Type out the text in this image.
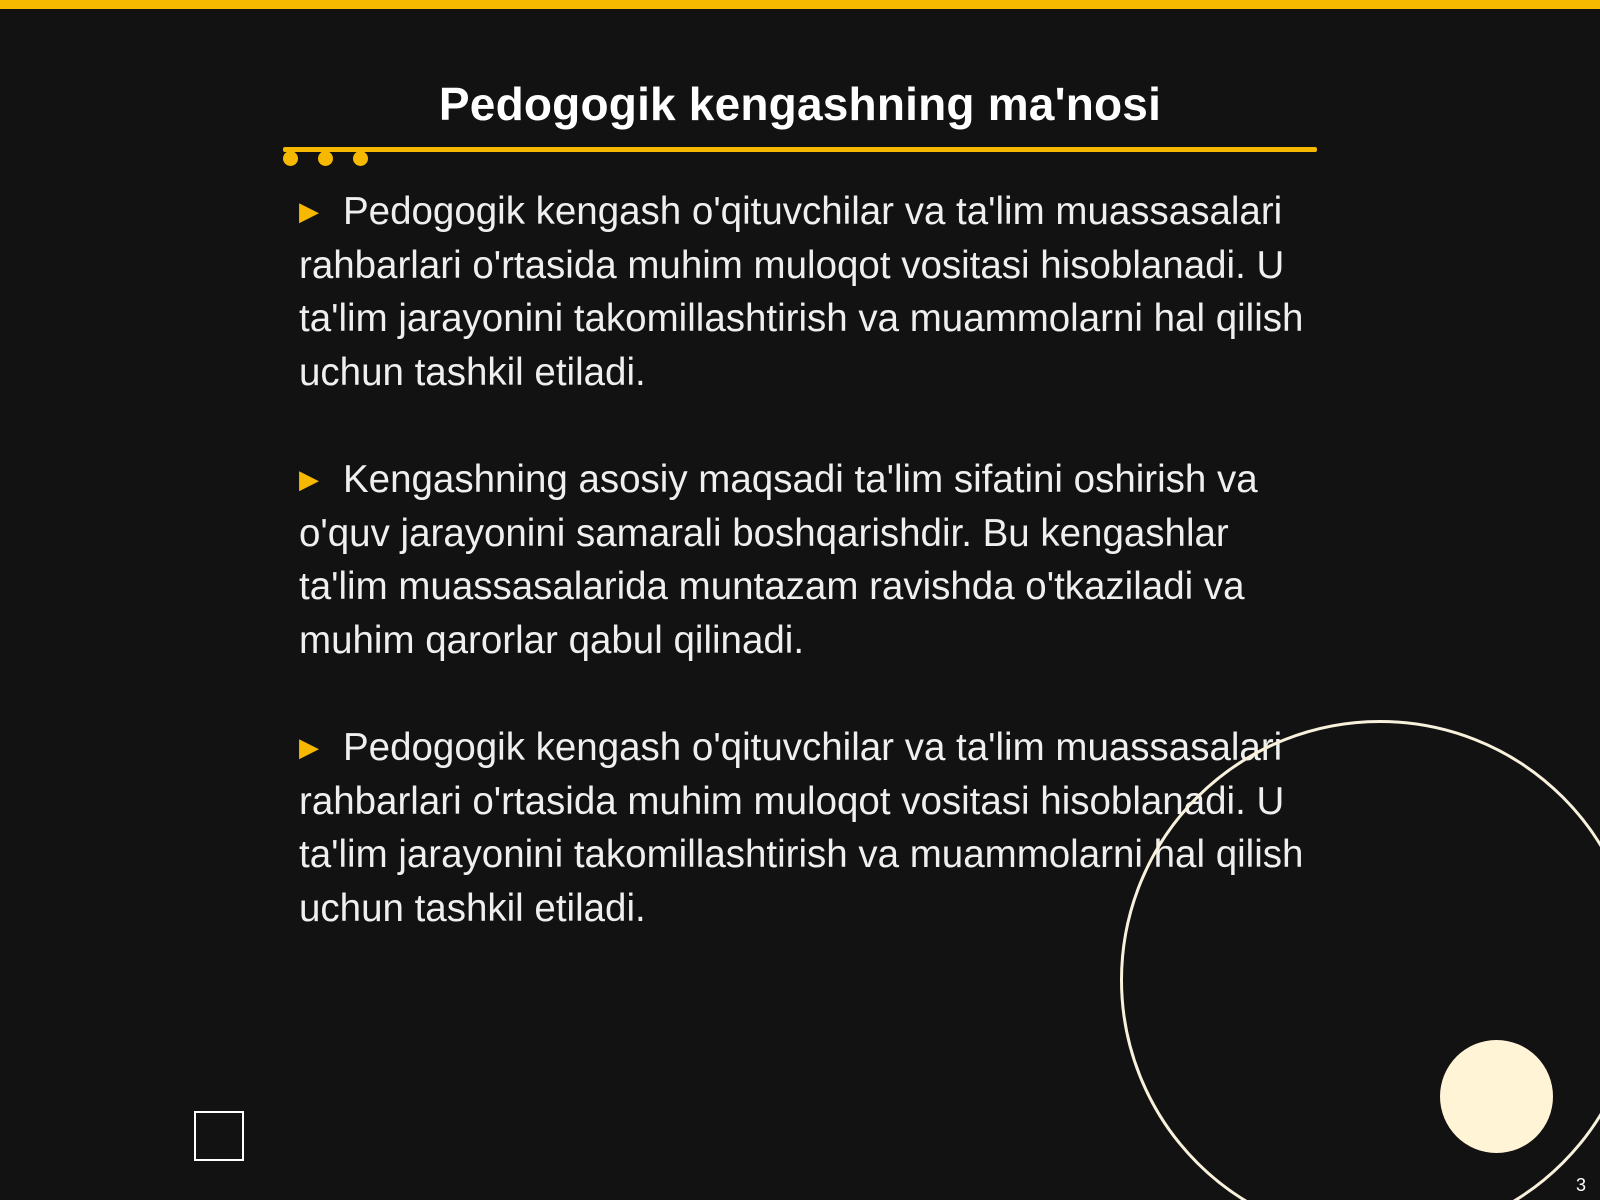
Pedogogik kengashning ma'nosi

▶ Pedogogik kengash o'qituvchilar va ta'lim muassasalari rahbarlari o'rtasida muhim muloqot vositasi hisoblanadi. U ta'lim jarayonini takomillashtirish va muammolarni hal qilish uchun tashkil etiladi.

▶ Kengashning asosiy maqsadi ta'lim sifatini oshirish va o'quv jarayonini samarali boshqarishdir. Bu kengashlar ta'lim muassasalarida muntazam ravishda o'tkaziladi va muhim qarorlar qabul qilinadi.

▶ Pedogogik kengash o'qituvchilar va ta'lim muassasalari rahbarlari o'rtasida muhim muloqot vositasi hisoblanadi. U ta'lim jarayonini takomillashtirish va muammolarni hal qilish uchun tashkil etiladi.

3
